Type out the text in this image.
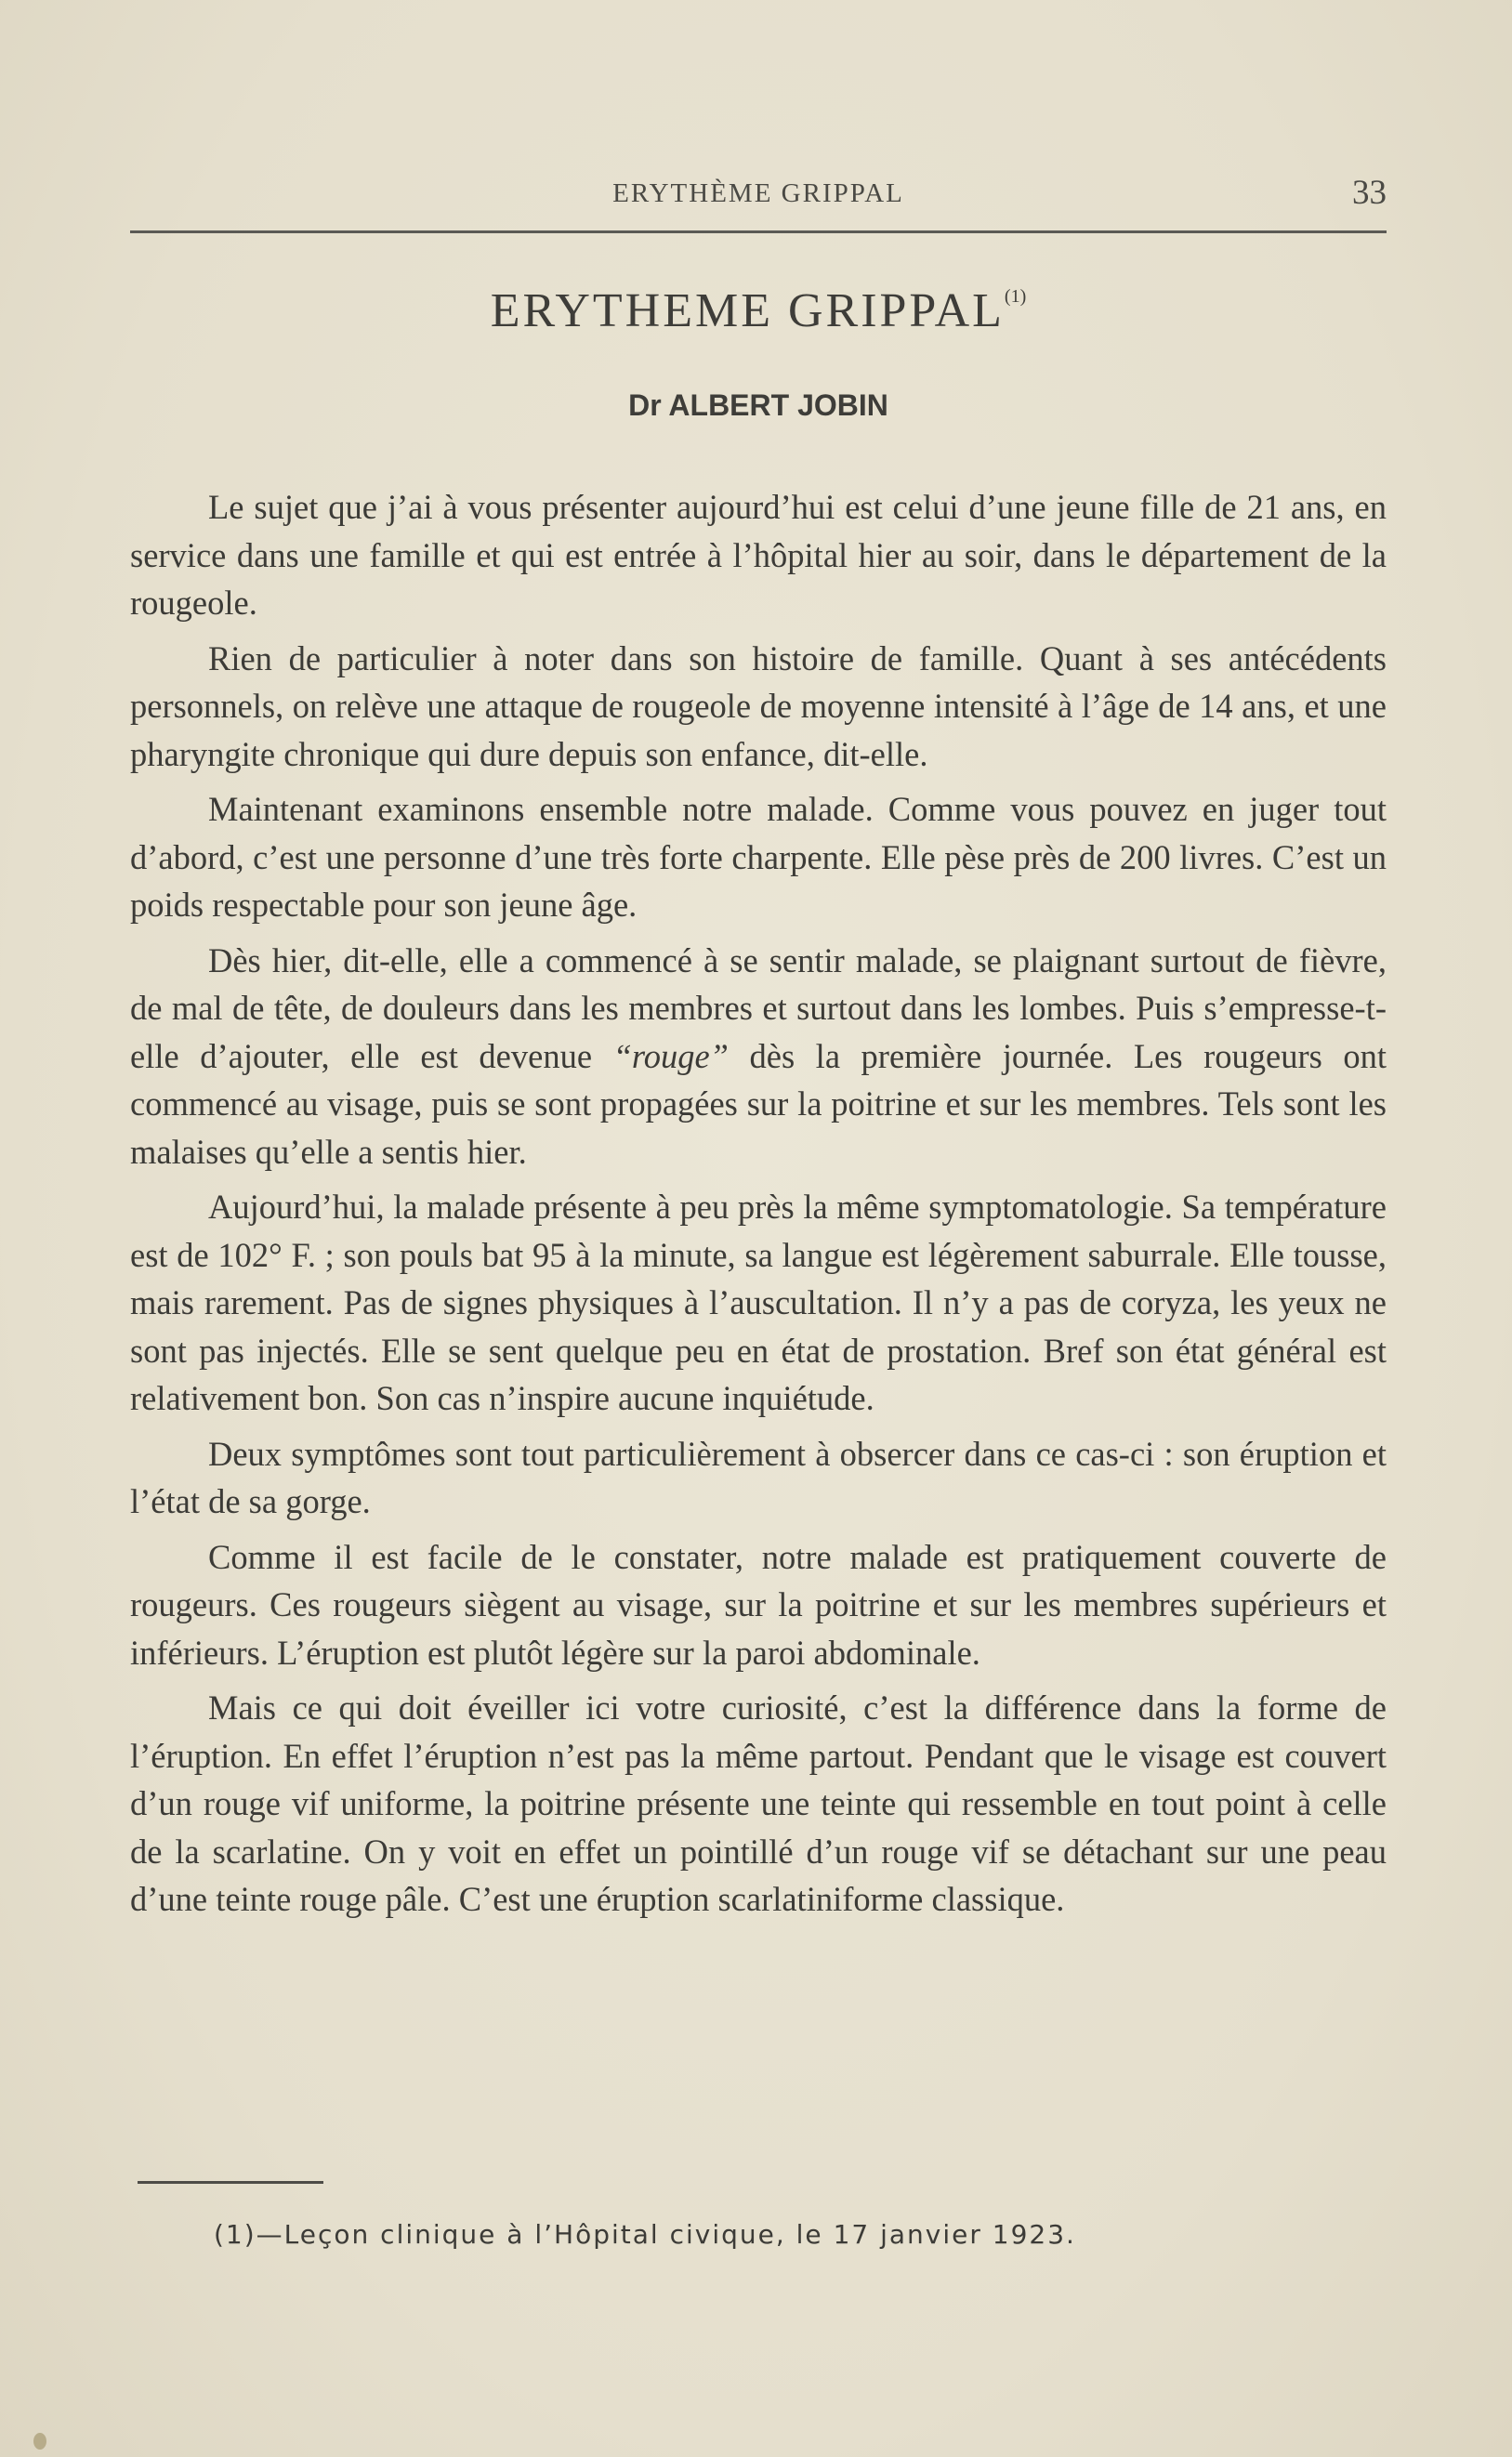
ERYTHÈME GRIPPAL	33
ERYTHEME GRIPPAL$^{(1)}$
Dr ALBERT JOBIN

Le sujet que j’ai à vous présenter aujourd’hui est celui d’une jeune fille de 21 ans, en service dans une famille et qui est entrée à l’hôpital hier au soir, dans le département de la rougeole.

Rien de particulier à noter dans son histoire de famille. Quant à ses antécédents personnels, on relève une attaque de rougeole de moyenne intensité à l’âge de 14 ans, et une pharyngite chronique qui dure depuis son enfance, dit-elle.

Maintenant examinons ensemble notre malade. Comme vous pouvez en juger tout d’abord, c’est une personne d’une très forte charpente. Elle pèse près de 200 livres. C’est un poids respectable pour son jeune âge.

Dès hier, dit-elle, elle a commencé à se sentir malade, se plaignant surtout de fièvre, de mal de tête, de douleurs dans les membres et surtout dans les lombes. Puis s’empresse-t-elle d’ajouter, elle est devenue “rouge” dès la première journée. Les rougeurs ont commencé au visage, puis se sont propagées sur la poitrine et sur les membres. Tels sont les malaises qu’elle a sentis hier.

Aujourd’hui, la malade présente à peu près la même symptomatologie. Sa température est de 102° F. ; son pouls bat 95 à la minute, sa langue est légèrement saburrale. Elle tousse, mais rarement. Pas de signes physiques à l’auscultation. Il n’y a pas de coryza, les yeux ne sont pas injectés. Elle se sent quelque peu en état de prostation. Bref son état général est relativement bon. Son cas n’inspire aucune inquiétude.

Deux symptômes sont tout particulièrement à obsercer dans ce cas-ci : son éruption et l’état de sa gorge.

Comme il est facile de le constater, notre malade est pratiquement couverte de rougeurs. Ces rougeurs siègent au visage, sur la poitrine et sur les membres supérieurs et inférieurs. L’éruption est plutôt légère sur la paroi abdominale.

Mais ce qui doit éveiller ici votre curiosité, c’est la différence dans la forme de l’éruption. En effet l’éruption n’est pas la même partout. Pendant que le visage est couvert d’un rouge vif uniforme, la poitrine présente une teinte qui ressemble en tout point à celle de la scarlatine. On y voit en effet un pointillé d’un rouge vif se détachant sur une peau d’une teinte rouge pâle. C’est une éruption scarlatiniforme classique.

(1)—Leçon clinique à l’Hôpital civique, le 17 janvier 1923.
